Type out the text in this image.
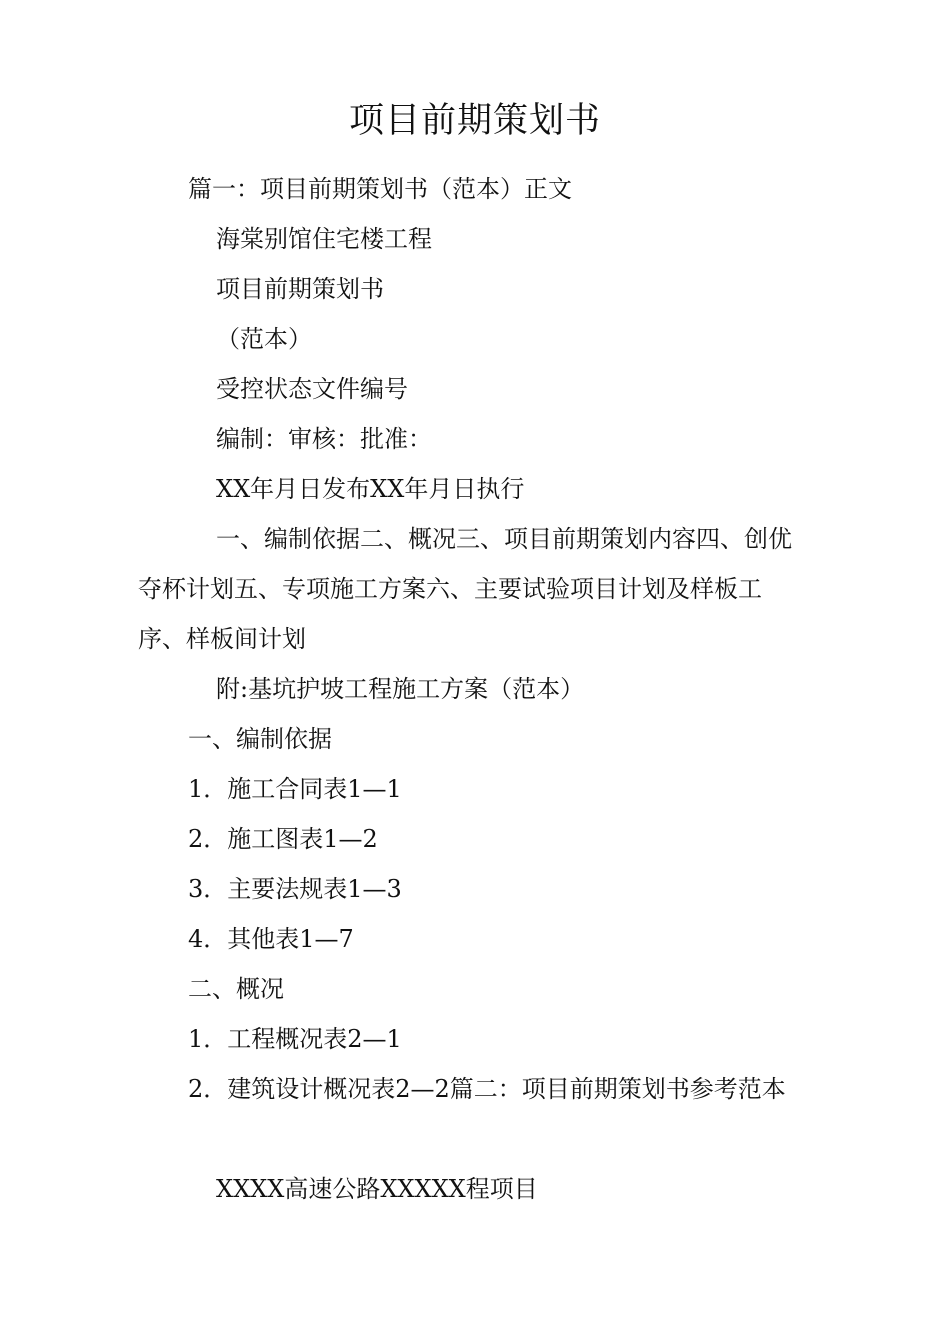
项目前期策划书
篇一：项目前期策划书（范本）正文
海棠别馆住宅楼工程
项目前期策划书
（范本）
受控状态文件编号
编制：审核：批准：
XX年月日发布XX年月日执行
一、编制依据二、概况三、项目前期策划内容四、创优夺杯计划五、专项施工方案六、主要试验项目计划及样板工序、样板间计划
附:基坑护坡工程施工方案（范本）
一、编制依据
1．施工合同表1—1
2．施工图表1—2
3．主要法规表1—3
4．其他表1—7
二、概况
1．工程概况表2—1
2．建筑设计概况表2—2篇二：项目前期策划书参考范本
XXXX高速公路XXXXX程项目
